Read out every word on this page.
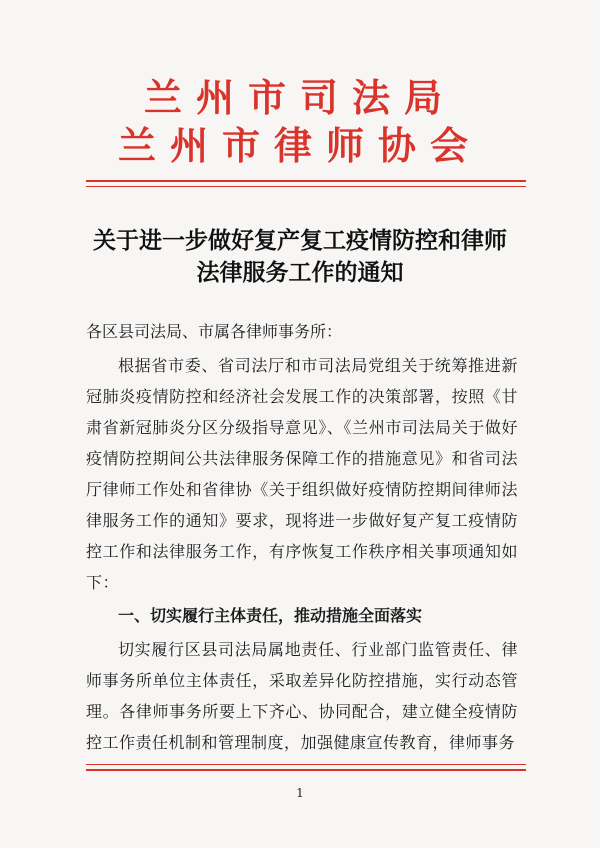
兰州市司法局
兰州市律师协会
关于进一步做好复产复工疫情防控和律师
法律服务工作的通知
各区县司法局、市属各律师事务所：
根据省市委、省司法厅和市司法局党组关于统筹推进新冠肺炎疫情防控和经济社会发展工作的决策部署，按照《甘肃省新冠肺炎分区分级指导意见》、《兰州市司法局关于做好疫情防控期间公共法律服务保障工作的措施意见》和省司法厅律师工作处和省律协《关于组织做好疫情防控期间律师法律服务工作的通知》要求，现将进一步做好复产复工疫情防控工作和法律服务工作，有序恢复工作秩序相关事项通知如下：
一、切实履行主体责任，推动措施全面落实
切实履行区县司法局属地责任、行业部门监管责任、律师事务所单位主体责任，采取差异化防控措施，实行动态管理。各律师事务所要上下齐心、协同配合，建立健全疫情防控工作责任机制和管理制度，加强健康宣传教育，律师事务
1
